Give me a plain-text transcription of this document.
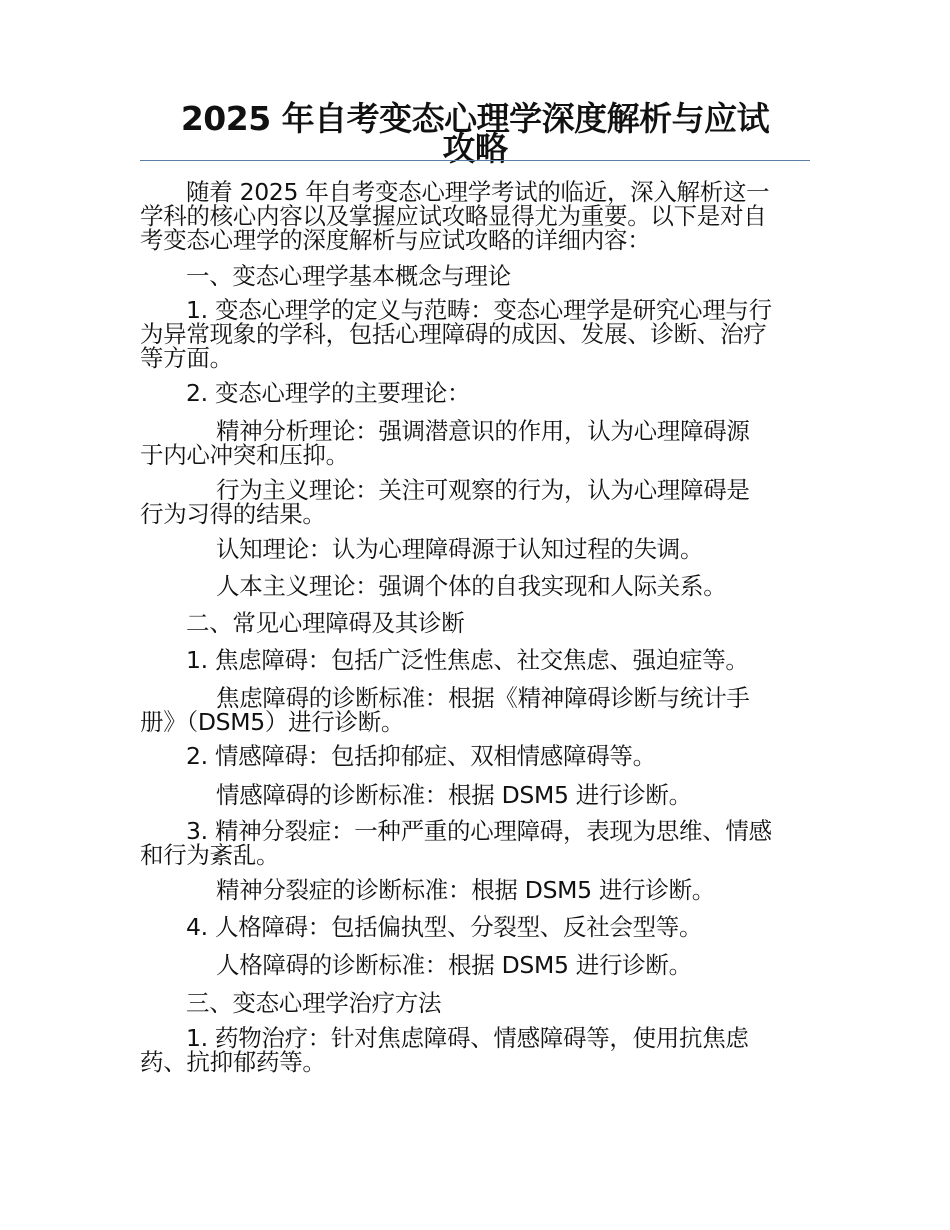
2025 年自考变态心理学深度解析与应试
攻略
随着 2025 年自考变态心理学考试的临近，深入解析这一
学科的核心内容以及掌握应试攻略显得尤为重要。以下是对自
考变态心理学的深度解析与应试攻略的详细内容：
一、变态心理学基本概念与理论
1. 变态心理学的定义与范畴：变态心理学是研究心理与行
为异常现象的学科，包括心理障碍的成因、发展、诊断、治疗
等方面。
2. 变态心理学的主要理论：
精神分析理论：强调潜意识的作用，认为心理障碍源
于内心冲突和压抑。
行为主义理论：关注可观察的行为，认为心理障碍是
行为习得的结果。
认知理论：认为心理障碍源于认知过程的失调。
人本主义理论：强调个体的自我实现和人际关系。
二、常见心理障碍及其诊断
1. 焦虑障碍：包括广泛性焦虑、社交焦虑、强迫症等。
焦虑障碍的诊断标准：根据《精神障碍诊断与统计手
册》（DSM5）进行诊断。
2. 情感障碍：包括抑郁症、双相情感障碍等。
情感障碍的诊断标准：根据 DSM5 进行诊断。
3. 精神分裂症：一种严重的心理障碍，表现为思维、情感
和行为紊乱。
精神分裂症的诊断标准：根据 DSM5 进行诊断。
4. 人格障碍：包括偏执型、分裂型、反社会型等。
人格障碍的诊断标准：根据 DSM5 进行诊断。
三、变态心理学治疗方法
1. 药物治疗：针对焦虑障碍、情感障碍等，使用抗焦虑
药、抗抑郁药等。
